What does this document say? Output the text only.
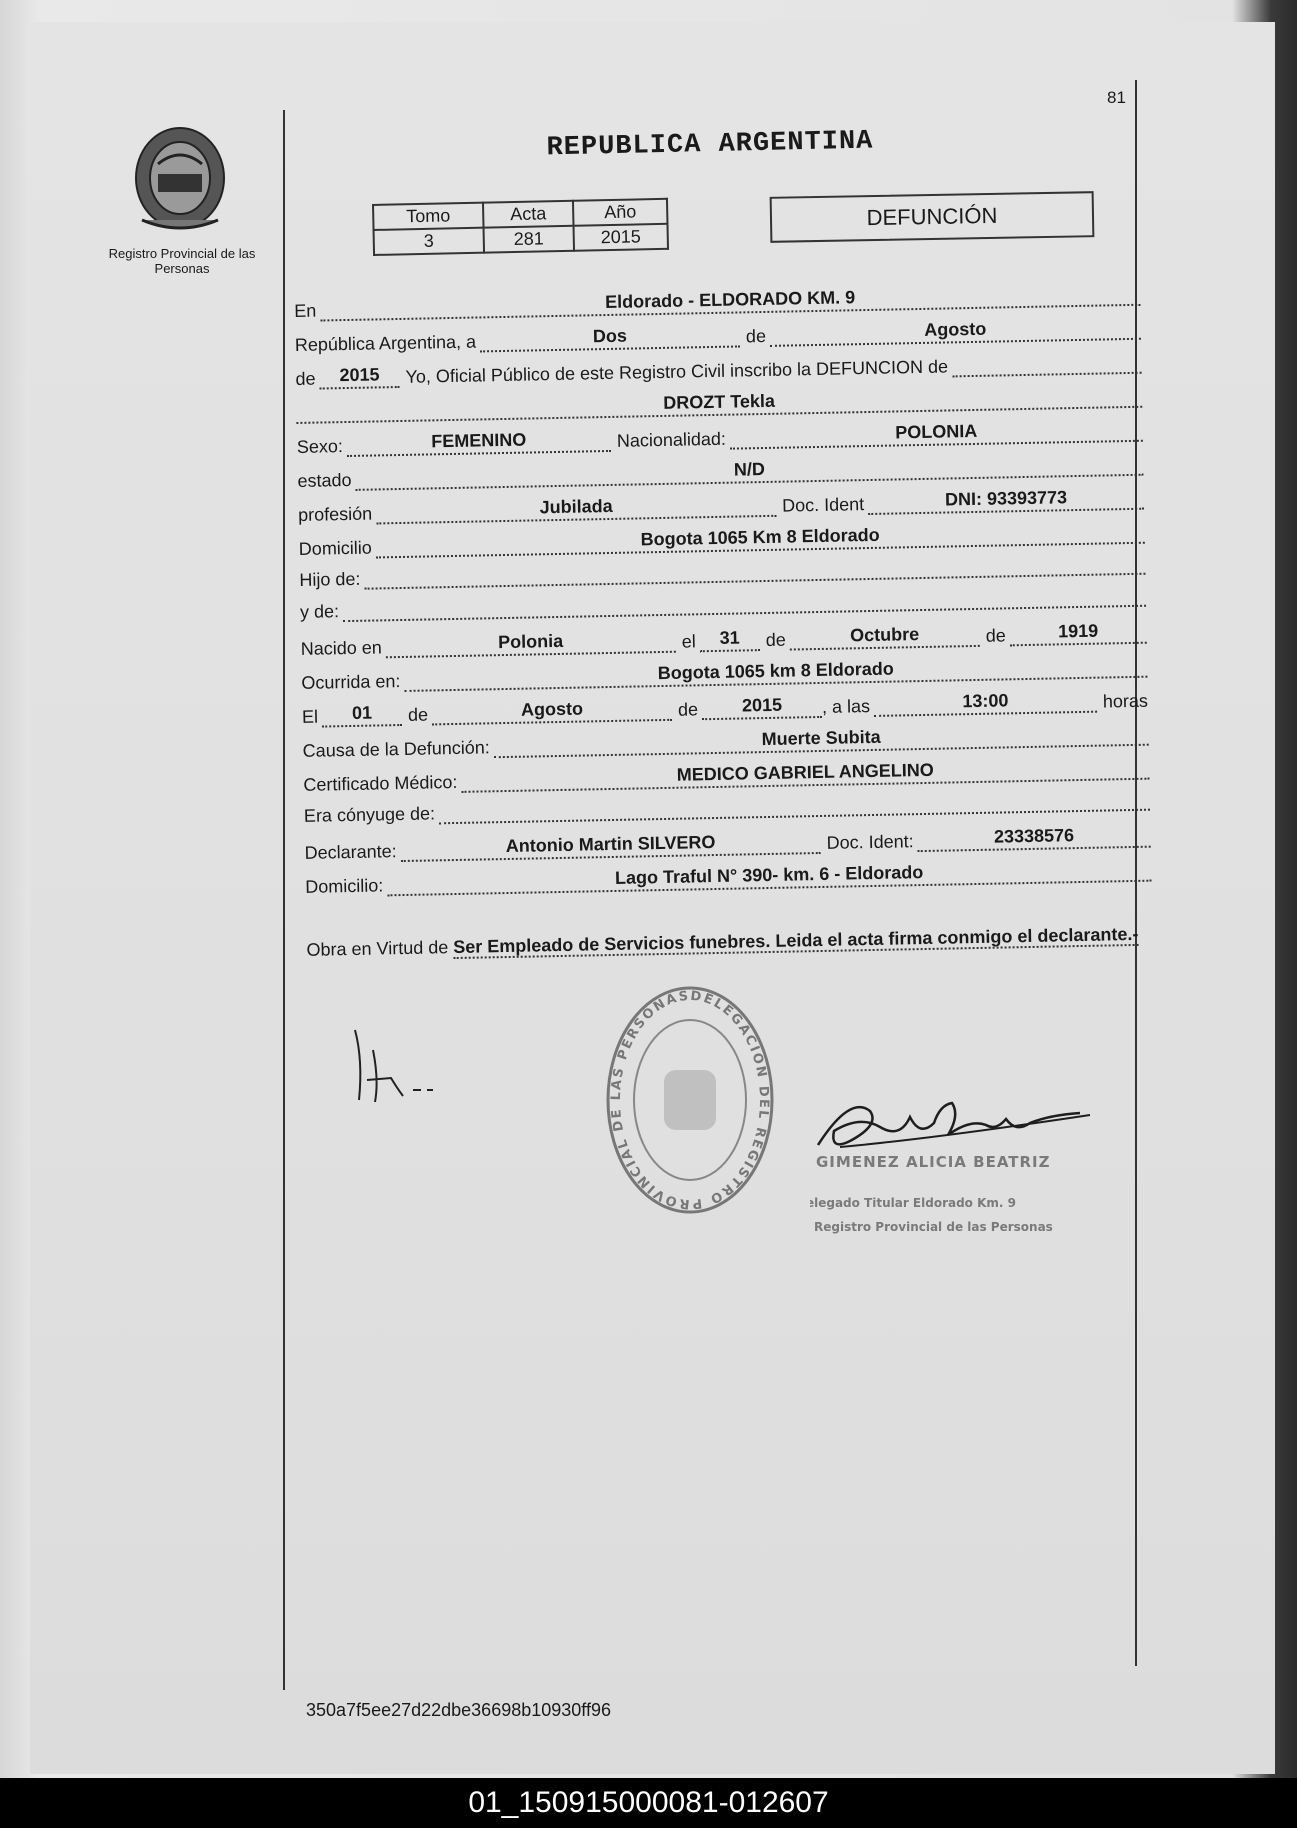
81
Registro Provincial de las Personas
REPUBLICA ARGENTINA
Tomo	Acta	Año
3	281	2015
DEFUNCIÓN
En	Eldorado - ELDORADO KM. 9
República Argentina, a	Dos	de	Agosto
de	2015	Yo, Oficial Público de este Registro Civil inscribo la DEFUNCION de
DROZT Tekla
Sexo:	FEMENINO	Nacionalidad:	POLONIA
estado
N/D
profesión	Jubilada	Doc. Ident	DNI: 93393773
Domicilio	Bogota 1065 Km 8 Eldorado
Hijo de:
y de:
Nacido en	Polonia	el	31	de	Octubre	de	1919
Ocurrida en:	Bogota 1065 km 8 Eldorado
El	01	de	Agosto	de	2015	, a las	13:00	horas
Causa de la Defunción:	Muerte Subita
Certificado Médico:	MEDICO GABRIEL ANGELINO
Era cónyuge de:
Declarante:	Antonio Martin SILVERO	Doc. Ident:	23338576
Domicilio:	Lago Traful N° 390- km. 6 - Eldorado
Obra en Virtud de Ser Empleado de Servicios funebres. Leida el acta firma conmigo el declarante.-
DELEGACION DEL REGISTRO PROVINCIAL DE LAS PERSONAS
GIMENEZ ALICIA BEATRIZ
Delegado Titular Eldorado Km. 9
Registro Provincial de las Personas
350a7f5ee27d22dbe36698b10930ff96
01_150915000081-012607
